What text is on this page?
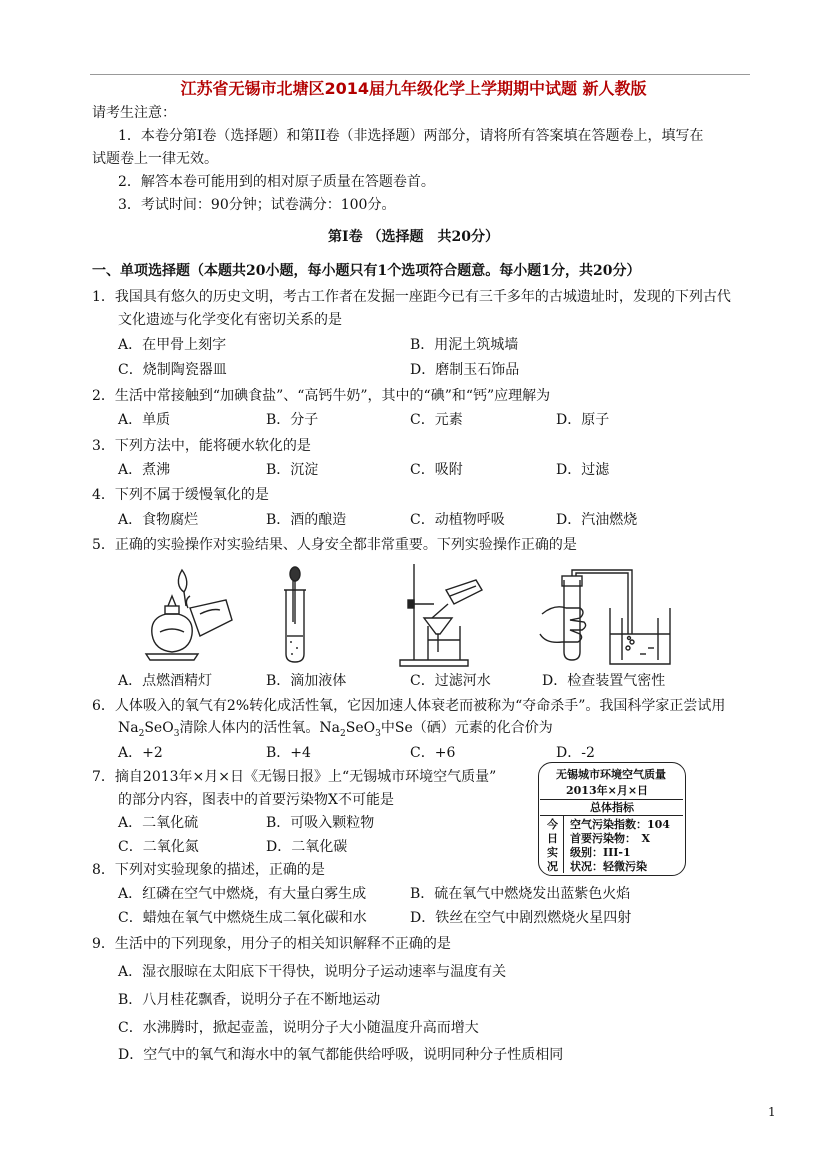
江苏省无锡市北塘区2014届九年级化学上学期期中试题 新人教版
请考生注意：
1．本卷分第Ⅰ卷（选择题）和第II卷（非选择题）两部分，请将所有答案填在答题卷上，填写在
试题卷上一律无效。
2．解答本卷可能用到的相对原子质量在答题卷首。
3．考试时间：90分钟；试卷满分：100分。
第Ⅰ卷 （选择题　共20分）
一、单项选择题（本题共20小题，每小题只有1个选项符合题意。每小题1分，共20分）
1．我国具有悠久的历史文明，考古工作者在发掘一座距今已有三千多年的古城遗址时，发现的下列古代
文化遗迹与化学变化有密切关系的是
A．在甲骨上刻字	B．用泥土筑城墙
C．烧制陶瓷器皿	D．磨制玉石饰品
2．生活中常接触到“加碘食盐”、“高钙牛奶”，其中的“碘”和“钙”应理解为
A．单质	B．分子	C．元素	D．原子
3．下列方法中，能将硬水软化的是
A．煮沸	B．沉淀	C．吸附	D．过滤
4．下列不属于缓慢氧化的是
A．食物腐烂	B．酒的酿造	C．动植物呼吸	D．汽油燃烧
5．正确的实验操作对实验结果、人身安全都非常重要。下列实验操作正确的是
A．点燃酒精灯	B．滴加液体	C．过滤河水	D．检查装置气密性
6．人体吸入的氧气有2%转化成活性氧，它因加速人体衰老而被称为“夺命杀手”。我国科学家正尝试用
$Na_2SeO_3$清除人体内的活性氧。$Na_2SeO_3$中Se（硒）元素的化合价为
A．+2	B．+4	C．+6	D．-2
7．摘自2013年×月×日《无锡日报》上“无锡城市环境空气质量”
的部分内容，图表中的首要污染物X不可能是
A．二氧化硫	B．可吸入颗粒物
C．二氧化氮	D．二氧化碳
无锡城市环境空气质量
2013年×月×日
总体指标
今
日
实
况
空气污染指数：104
首要污染物：　X
级别：III-1
状况：轻微污染
8．下列对实验现象的描述，正确的是
A．红磷在空气中燃烧，有大量白雾生成	B．硫在氧气中燃烧发出蓝紫色火焰
C．蜡烛在氧气中燃烧生成二氧化碳和水	D．铁丝在空气中剧烈燃烧火星四射
9．生活中的下列现象，用分子的相关知识解释不正确的是
A．湿衣服晾在太阳底下干得快，说明分子运动速率与温度有关
B．八月桂花飘香，说明分子在不断地运动
C．水沸腾时，掀起壶盖，说明分子大小随温度升高而增大
D．空气中的氧气和海水中的氧气都能供给呼吸，说明同种分子性质相同
1
